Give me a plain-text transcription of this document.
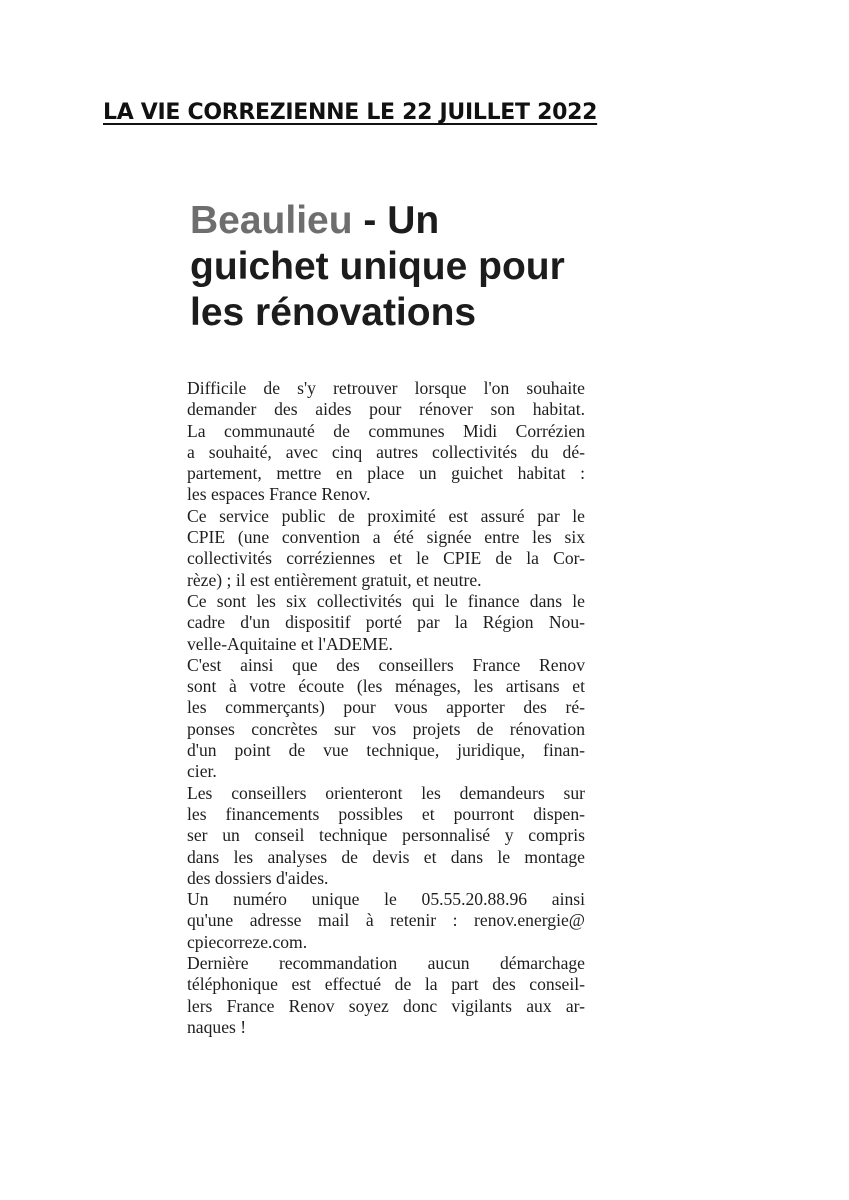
LA VIE CORREZIENNE LE 22 JUILLET 2022
Beaulieu - Un
guichet unique pour
les rénovations
Difficile de s'y retrouver lorsque l'on souhaite
demander des aides pour rénover son habitat.
La communauté de communes Midi Corrézien
a souhaité, avec cinq autres collectivités du dé-
partement, mettre en place un guichet habitat :
les espaces France Renov.
Ce service public de proximité est assuré par le
CPIE (une convention a été signée entre les six
collectivités corréziennes et le CPIE de la Cor-
rèze) ; il est entièrement gratuit, et neutre.
Ce sont les six collectivités qui le finance dans le
cadre d'un dispositif porté par la Région Nou-
velle-Aquitaine et l'ADEME.
C'est ainsi que des conseillers France Renov
sont à votre écoute (les ménages, les artisans et
les commerçants) pour vous apporter des ré-
ponses concrètes sur vos projets de rénovation
d'un point de vue technique, juridique, finan-
cier.
Les conseillers orienteront les demandeurs sur
les financements possibles et pourront dispen-
ser un conseil technique personnalisé y compris
dans les analyses de devis et dans le montage
des dossiers d'aides.
Un numéro unique le 05.55.20.88.96 ainsi
qu'une adresse mail à retenir : renov.energie@
cpiecorreze.com.
Dernière recommandation aucun démarchage
téléphonique est effectué de la part des conseil-
lers France Renov soyez donc vigilants aux ar-
naques !
